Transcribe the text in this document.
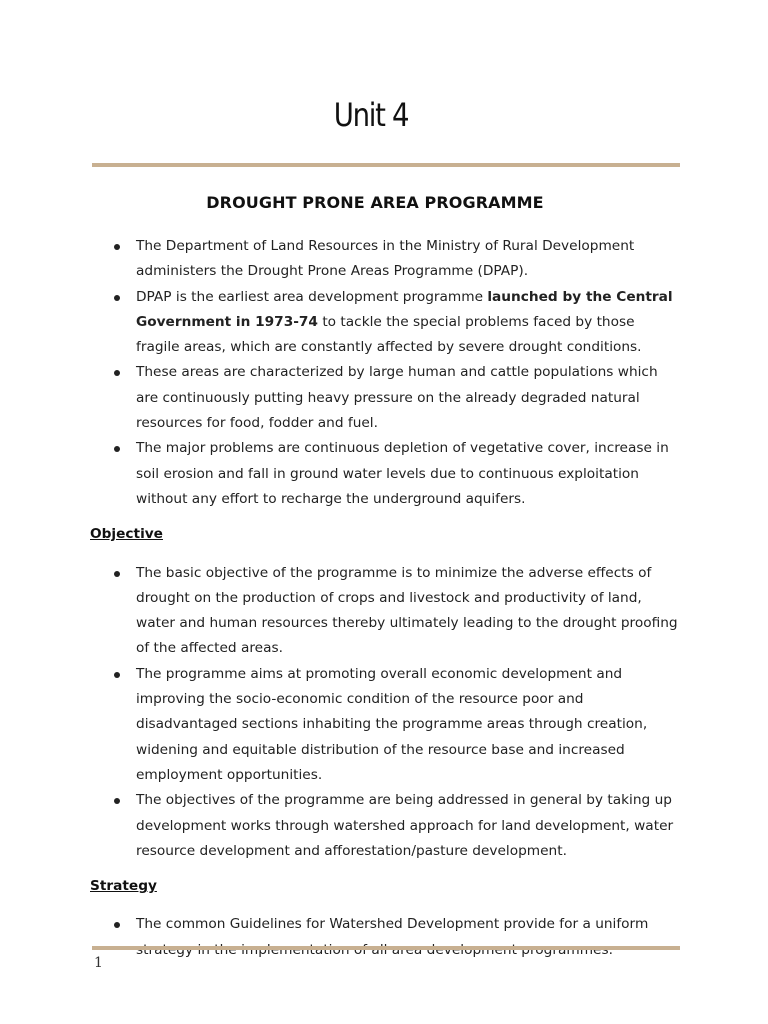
Unit 4
DROUGHT PRONE AREA PROGRAMME
The Department of Land Resources in the Ministry of Rural Development administers the Drought Prone Areas Programme (DPAP).
DPAP is the earliest area development programme launched by the Central Government in 1973-74 to tackle the special problems faced by those fragile areas, which are constantly affected by severe drought conditions.
These areas are characterized by large human and cattle populations which are continuously putting heavy pressure on the already degraded natural resources for food, fodder and fuel.
The major problems are continuous depletion of vegetative cover, increase in soil erosion and fall in ground water levels due to continuous exploitation without any effort to recharge the underground aquifers.

Objective

The basic objective of the programme is to minimize the adverse effects of drought on the production of crops and livestock and productivity of land, water and human resources thereby ultimately leading to the drought proofing of the affected areas.
The programme aims at promoting overall economic development and improving the socio-economic condition of the resource poor and disadvantaged sections inhabiting the programme areas through creation, widening and equitable distribution of the resource base and increased employment opportunities.
The objectives of the programme are being addressed in general by taking up development works through watershed approach for land development, water resource development and afforestation/pasture development.

Strategy

The common Guidelines for Watershed Development provide for a uniform
1
